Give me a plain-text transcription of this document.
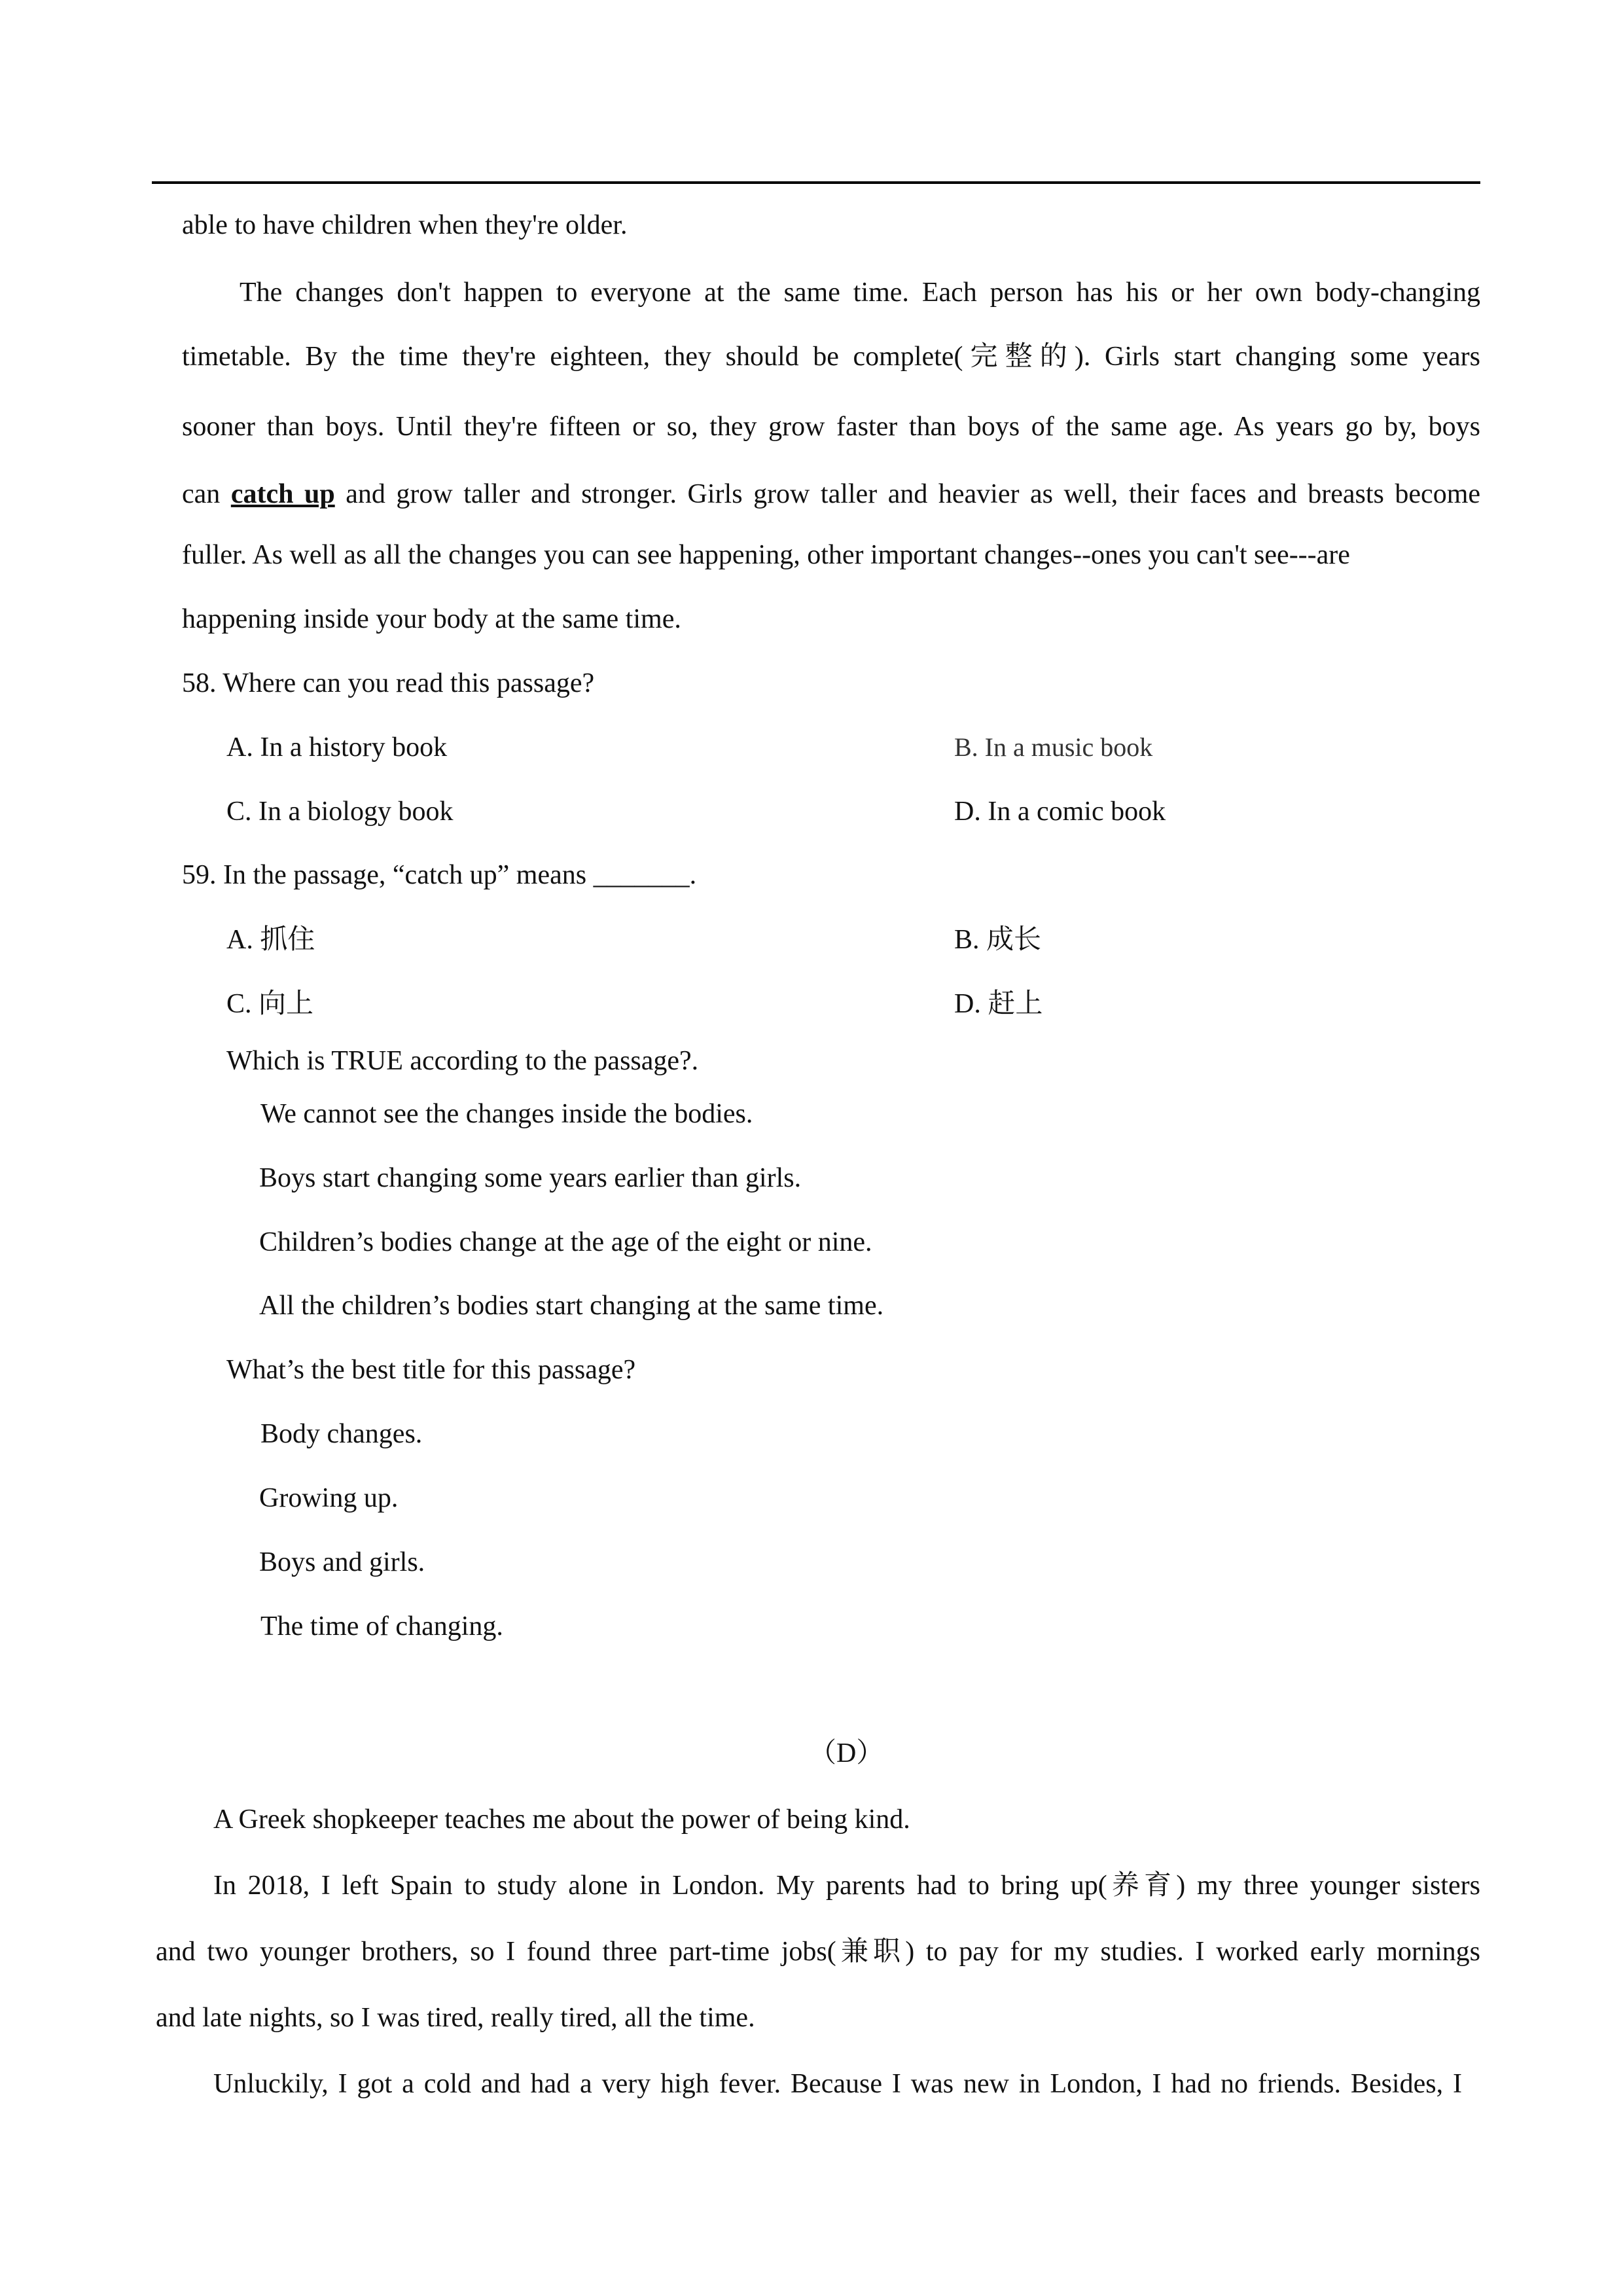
able to have children when they're older.
The changes don't happen to everyone at the same time. Each person has his or her own body-changing
timetable. By the time they're eighteen, they should be complete(完整的). Girls start changing some years
sooner than boys. Until they're fifteen or so, they grow faster than boys of the same age. As years go by, boys
can catch up and grow taller and stronger. Girls grow taller and heavier as well, their faces and breasts become
fuller. As well as all the changes you can see happening, other important changes--ones you can't see---are
happening inside your body at the same time.
58. Where can you read this passage?
A. In a history book	B. In a music book
C. In a biology book	D. In a comic book
59. In the passage, “catch up” means _______.
A. 抓住	B. 成长
C. 向上	D. 赶上
Which is TRUE according to the passage?.
We cannot see the changes inside the bodies.
Boys start changing some years earlier than girls.
Children’s bodies change at the age of the eight or nine.
All the children’s bodies start changing at the same time.
What’s the best title for this passage?
Body changes.
Growing up.
Boys and girls.
The time of changing.
（D）
A Greek shopkeeper teaches me about the power of being kind.
In 2018, I left Spain to study alone in London. My parents had to bring up(养育) my three younger sisters
and two younger brothers, so I found three part-time jobs(兼职) to pay for my studies. I worked early mornings
and late nights, so I was tired, really tired, all the time.
Unluckily, I got a cold and had a very high fever. Because I was new in London, I had no friends. Besides, I
